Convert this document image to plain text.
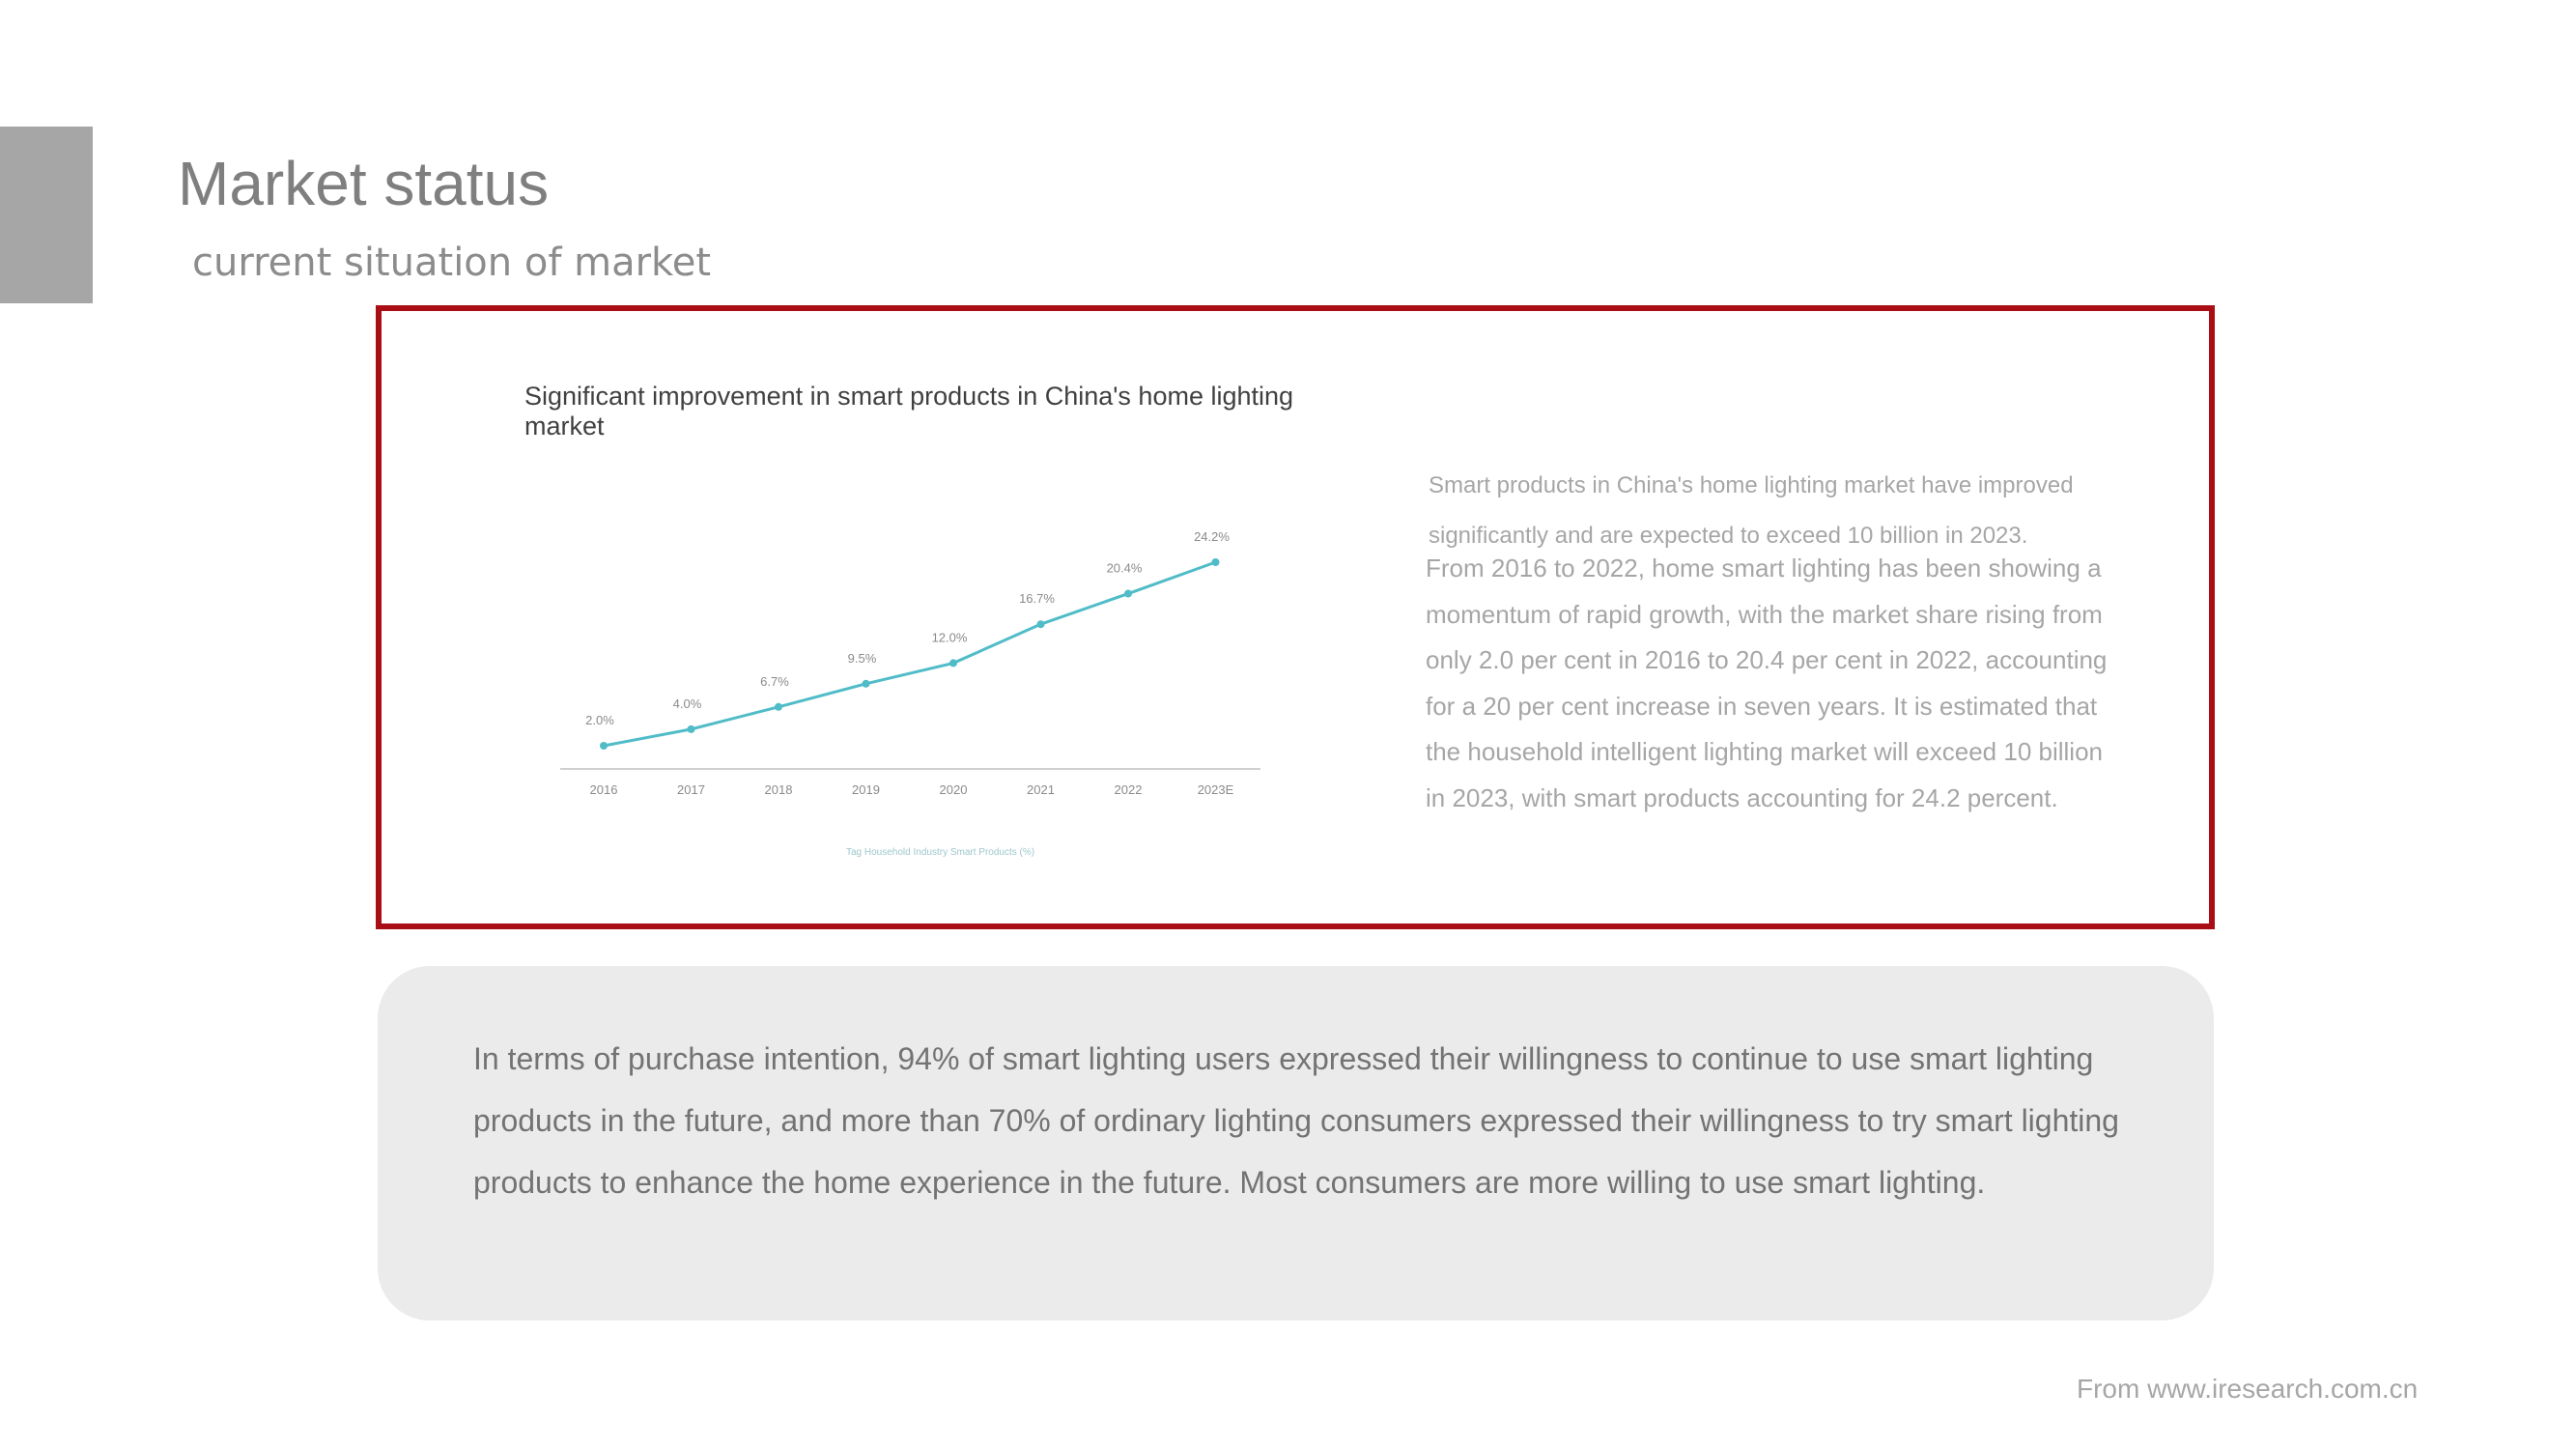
Market status
current situation of market
Significant improvement in smart products in China's home lighting market
2.0%
2016
4.0%
2017
6.7%
2018
9.5%
2019
12.0%
2020
16.7%
2021
20.4%
2022
24.2%
2023E
Tag Household Industry Smart Products (%)
Smart products in China's home lighting market have improved significantly and are expected to exceed 10 billion in 2023.
From 2016 to 2022, home smart lighting has been showing a momentum of rapid growth, with the market share rising from only 2.0 per cent in 2016 to 20.4 per cent in 2022, accounting for a 20 per cent increase in seven years. It is estimated that the household intelligent lighting market will exceed 10 billion in 2023, with smart products accounting for 24.2 percent.
In terms of purchase intention, 94% of smart lighting users expressed their willingness to continue to use smart lighting products in the future, and more than 70% of ordinary lighting consumers expressed their willingness to try smart lighting products to enhance the home experience in the future. Most consumers are more willing to use smart lighting.
From www.iresearch.com.cn
